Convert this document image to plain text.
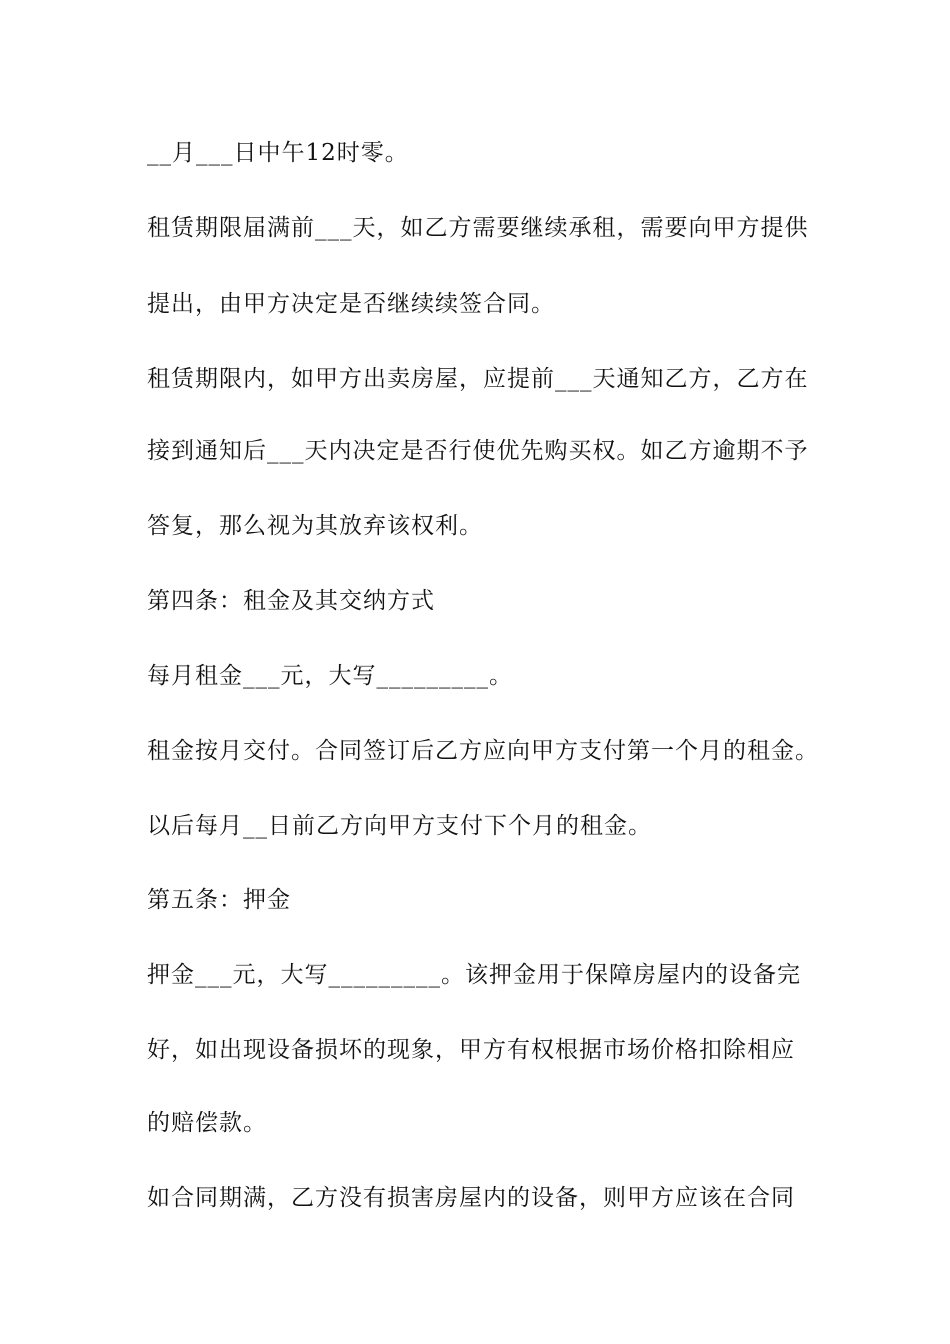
__月___日中午12时零。

租赁期限届满前___天，如乙方需要继续承租，需要向甲方提供

提出，由甲方决定是否继续续签合同。

租赁期限内，如甲方出卖房屋，应提前___天通知乙方，乙方在

接到通知后___天内决定是否行使优先购买权。如乙方逾期不予

答复，那么视为其放弃该权利。

第四条：租金及其交纳方式

每月租金___元，大写_________。

租金按月交付。合同签订后乙方应向甲方支付第一个月的租金。

以后每月__日前乙方向甲方支付下个月的租金。

第五条：押金

押金___元，大写_________。该押金用于保障房屋内的设备完

好，如出现设备损坏的现象，甲方有权根据市场价格扣除相应

的赔偿款。

如合同期满，乙方没有损害房屋内的设备，则甲方应该在合同
